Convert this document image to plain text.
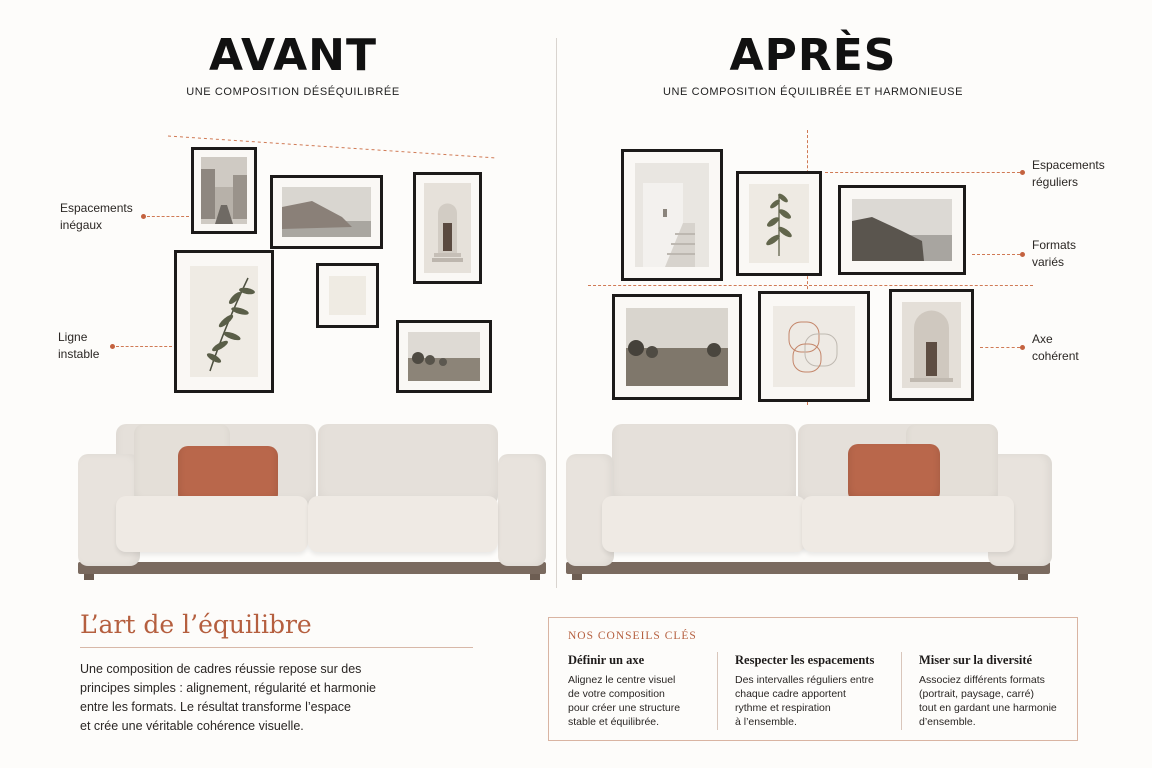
AVANT
UNE COMPOSITION DÉSÉQUILIBRÉE
Espacements
inégaux
Ligne
instable
APRÈS
UNE COMPOSITION ÉQUILIBRÉE ET HARMONIEUSE
Espacements
réguliers
Formats
variés
Axe
cohérent
L’art de l’équilibre
Une composition de cadres réussie repose sur des
principes simples : alignement, régularité et harmonie
entre les formats. Le résultat transforme l’espace
et crée une véritable cohérence visuelle.
NOS CONSEILS CLÉS
Définir un axe
Alignez le centre visuel
de votre composition
pour créer une structure
stable et équilibrée.
Respecter les espacements
Des intervalles réguliers entre
chaque cadre apportent
rythme et respiration
à l’ensemble.
Miser sur la diversité
Associez différents formats
(portrait, paysage, carré)
tout en gardant une harmonie
d’ensemble.
